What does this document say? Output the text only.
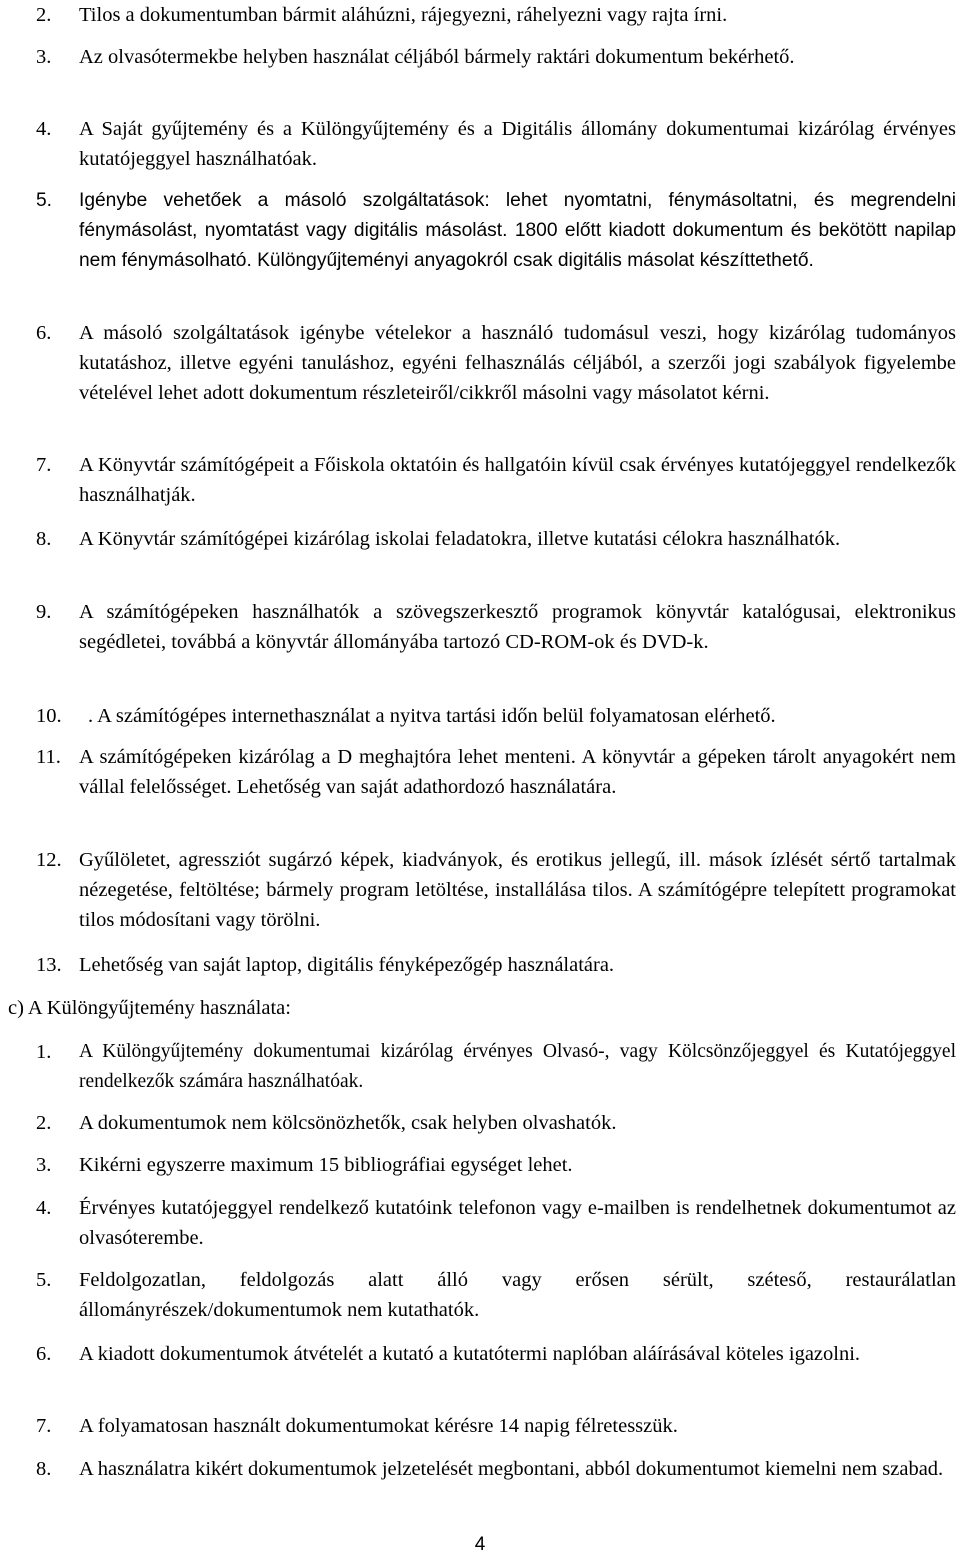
2. Tilos a dokumentumban bármit aláhúzni, rájegyezni, ráhelyezni vagy rajta írni.
3. Az olvasótermekbe helyben használat céljából bármely raktári dokumentum bekérhető.
4. A Saját gyűjtemény és a Különgyűjtemény és a Digitális állomány dokumentumai kizárólag érvényes kutatójeggyel használhatóak.
5. Igénybe vehetőek a másoló szolgáltatások: lehet nyomtatni, fénymásoltatni, és megrendelni fénymásolást, nyomtatást vagy digitális másolást. 1800 előtt kiadott dokumentum és bekötött napilap nem fénymásolható. Különgyűjteményi anyagokról csak digitális másolat készíttethető.
6. A másoló szolgáltatások igénybe vételekor a használó tudomásul veszi, hogy kizárólag tudományos kutatáshoz, illetve egyéni tanuláshoz, egyéni felhasználás céljából, a szerzői jogi szabályok figyelembe vételével lehet adott dokumentum részleteiről/cikkről másolni vagy másolatot kérni.
7. A Könyvtár számítógépeit a Főiskola oktatóin és hallgatóin kívül csak érvényes kutatójeggyel rendelkezők használhatják.
8. A Könyvtár számítógépei kizárólag iskolai feladatokra, illetve kutatási célokra használhatók.
9. A számítógépeken használhatók a szövegszerkesztő programok könyvtár katalógusai, elektronikus segédletei, továbbá a könyvtár állományába tartozó CD-ROM-ok és DVD-k.
10. . A számítógépes internethasználat a nyitva tartási időn belül folyamatosan elérhető.
11. A számítógépeken kizárólag a D meghajtóra lehet menteni. A könyvtár a gépeken tárolt anyagokért nem vállal felelősséget. Lehetőség van saját adathordozó használatára.
12. Gyűlöletet, agressziót sugárzó képek, kiadványok, és erotikus jellegű, ill. mások ízlését sértő tartalmak nézegetése, feltöltése; bármely program letöltése, installálása tilos. A számítógépre telepített programokat tilos módosítani vagy törölni.
13. Lehetőség van saját laptop, digitális fényképezőgép használatára.
c) A Különgyűjtemény használata:
1. A Különgyűjtemény dokumentumai kizárólag érvényes Olvasó-, vagy Kölcsönzőjeggyel és Kutatójeggyel rendelkezők számára használhatóak.
2. A dokumentumok nem kölcsönözhetők, csak helyben olvashatók.
3. Kikérni egyszerre maximum 15 bibliográfiai egységet lehet.
4. Érvényes kutatójeggyel rendelkező kutatóink telefonon vagy e-mailben is rendelhetnek dokumentumot az olvasóterembe.
5. Feldolgozatlan, feldolgozás alatt álló vagy erősen sérült, széteső, restaurálatlan állományrészek/dokumentumok nem kutathatók.
6. A kiadott dokumentumok átvételét a kutató a kutatótermi naplóban aláírásával köteles igazolni.
7. A folyamatosan használt dokumentumokat kérésre 14 napig félretesszük.
8. A használatra kikért dokumentumok jelzetelését megbontani, abból dokumentumot kiemelni nem szabad.
4
